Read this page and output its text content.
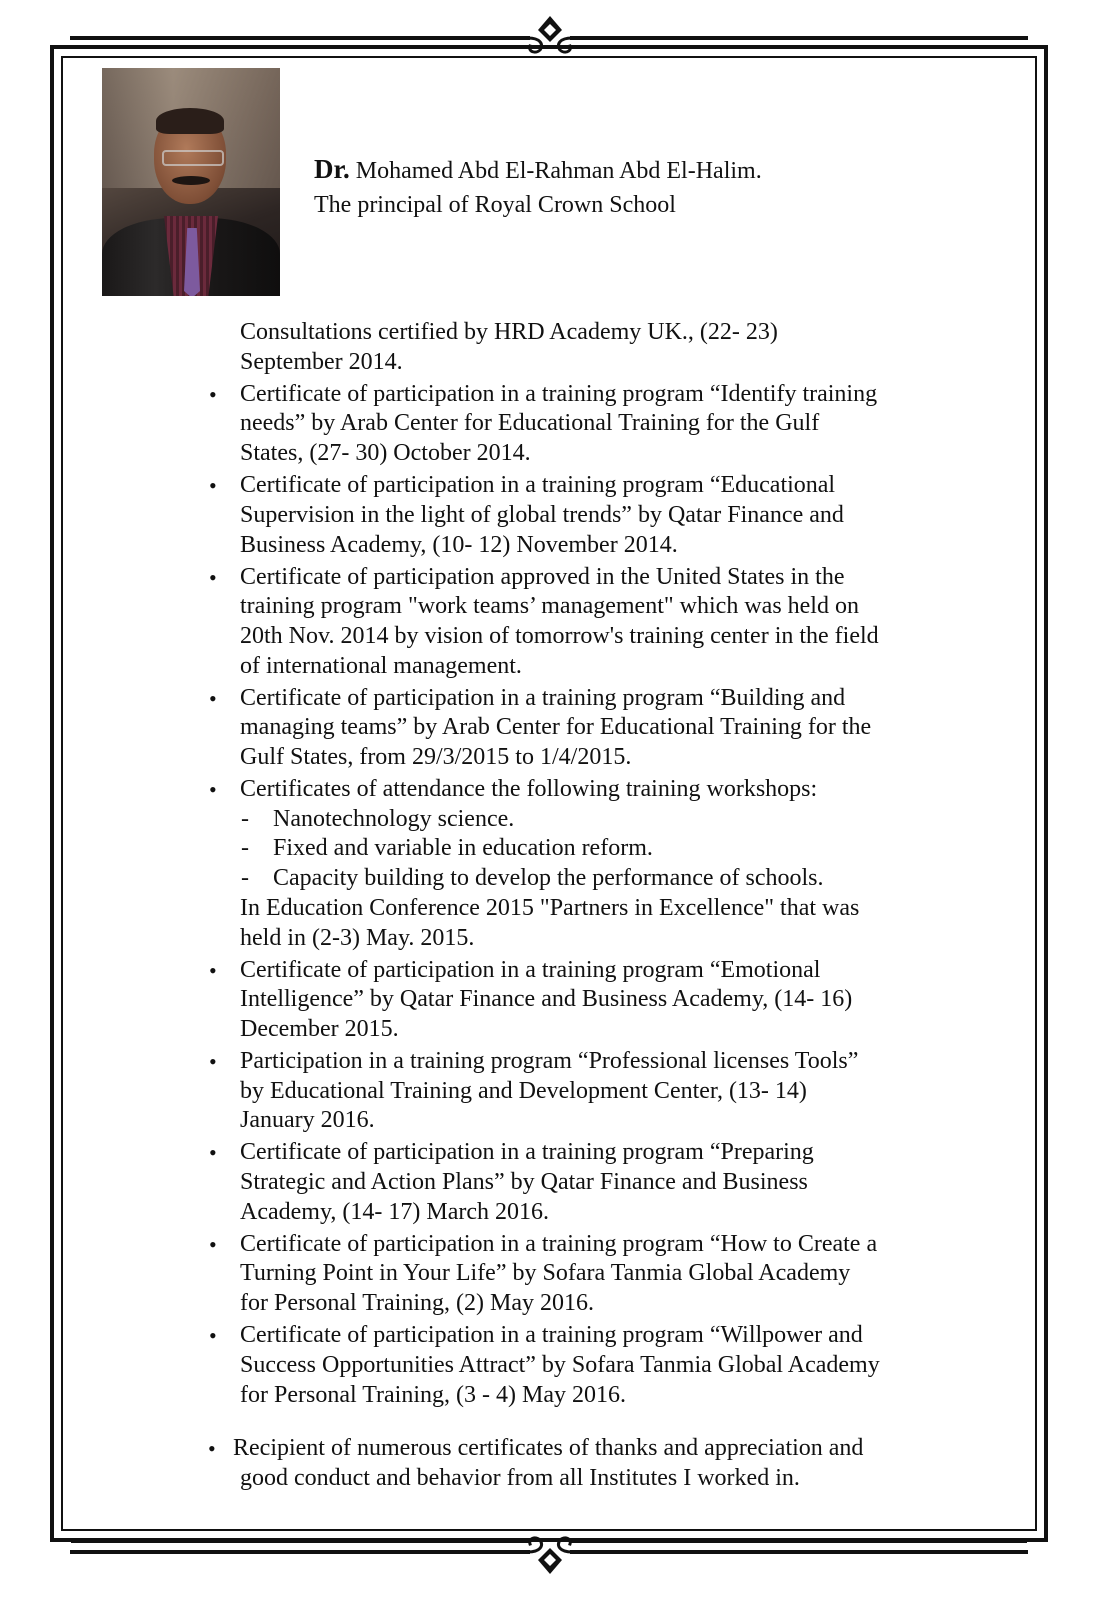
Dr. Mohamed Abd El-Rahman Abd El-Halim.
The principal of Royal Crown School

Consultations certified by HRD Academy UK., (22- 23)

September 2014.

• Certificate of participation in a training program “Identify training

needs” by Arab Center for Educational Training for the Gulf

States, (27- 30) October 2014.

• Certificate of participation in a training program “Educational

Supervision in the light of global trends” by Qatar Finance and

Business Academy, (10- 12) November 2014.

• Certificate of participation approved in the United States in the

training program "work teams’ management" which was held on

20th Nov. 2014 by vision of tomorrow's training center in the field

of international management.

• Certificate of participation in a training program “Building and

managing teams” by Arab Center for Educational Training for the

Gulf States, from 29/3/2015 to 1/4/2015.

• Certificates of attendance the following training workshops:

- Nanotechnology science.

- Fixed and variable in education reform.

- Capacity building to develop the performance of schools.

In Education Conference 2015 "Partners in Excellence" that was

held in (2-3) May. 2015.

• Certificate of participation in a training program “Emotional

Intelligence” by Qatar Finance and Business Academy, (14- 16)

December 2015.

• Participation in a training program “Professional licenses Tools”

by Educational Training and Development Center, (13- 14)

January 2016.

• Certificate of participation in a training program “Preparing

Strategic and Action Plans” by Qatar Finance and Business

Academy, (14- 17) March 2016.

• Certificate of participation in a training program “How to Create a

Turning Point in Your Life” by Sofara Tanmia Global Academy

for Personal Training, (2) May 2016.

• Certificate of participation in a training program “Willpower and

Success Opportunities Attract” by Sofara Tanmia Global Academy

for Personal Training, (3 - 4) May 2016.

• Recipient of numerous certificates of thanks and appreciation and

good conduct and behavior from all Institutes I worked in.
